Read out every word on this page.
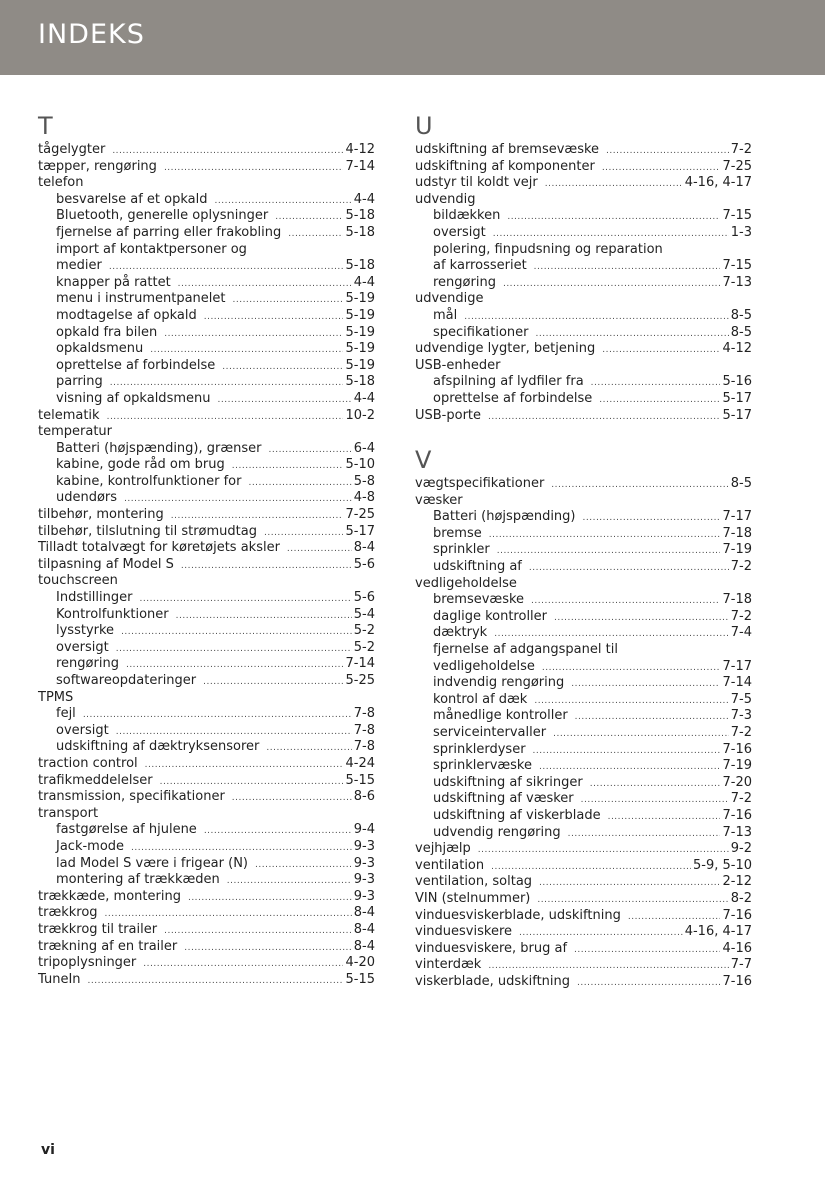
INDEKS
T
tågelygter .....	4-12
tæpper, rengøring .....	7-14
telefon
besvarelse af et opkald .....	4-4
Bluetooth, generelle oplysninger .....	5-18
fjernelse af parring eller frakobling .....	5-18
import af kontaktpersoner og
medier .....	5-18
knapper på rattet .....	4-4
menu i instrumentpanelet .....	5-19
modtagelse af opkald .....	5-19
opkald fra bilen .....	5-19
opkaldsmenu .....	5-19
oprettelse af forbindelse .....	5-19
parring .....	5-18
visning af opkaldsmenu .....	4-4
telematik .....	10-2
temperatur
Batteri (højspænding), grænser .....	6-4
kabine, gode råd om brug .....	5-10
kabine, kontrolfunktioner for .....	5-8
udendørs .....	4-8
tilbehør, montering .....	7-25
tilbehør, tilslutning til strømudtag .....	5-17
Tilladt totalvægt for køretøjets aksler .....	8-4
tilpasning af Model S .....	5-6
touchscreen
Indstillinger .....	5-6
Kontrolfunktioner .....	5-4
lysstyrke .....	5-2
oversigt .....	5-2
rengøring .....	7-14
softwareopdateringer .....	5-25
TPMS
fejl .....	7-8
oversigt .....	7-8
udskiftning af dæktryksensorer .....	7-8
traction control .....	4-24
trafikmeddelelser .....	5-15
transmission, specifikationer .....	8-6
transport
fastgørelse af hjulene .....	9-4
Jack-mode .....	9-3
lad Model S være i frigear (N) .....	9-3
montering af trækkæden .....	9-3
trækkæde, montering .....	9-3
trækkrog .....	8-4
trækkrog til trailer .....	8-4
trækning af en trailer .....	8-4
tripoplysninger .....	4-20
TuneIn .....	5-15
U
udskiftning af bremsevæske .....	7-2
udskiftning af komponenter .....	7-25
udstyr til koldt vejr .....	4-16, 4-17
udvendig
bildækken .....	7-15
oversigt .....	1-3
polering, finpudsning og reparation
af karrosseriet .....	7-15
rengøring .....	7-13
udvendige
mål .....	8-5
specifikationer .....	8-5
udvendige lygter, betjening .....	4-12
USB-enheder
afspilning af lydfiler fra .....	5-16
oprettelse af forbindelse .....	5-17
USB-porte .....	5-17
V
vægtspecifikationer .....	8-5
væsker
Batteri (højspænding) .....	7-17
bremse .....	7-18
sprinkler .....	7-19
udskiftning af .....	7-2
vedligeholdelse
bremsevæske .....	7-18
daglige kontroller .....	7-2
dæktryk .....	7-4
fjernelse af adgangspanel til
vedligeholdelse .....	7-17
indvendig rengøring .....	7-14
kontrol af dæk .....	7-5
månedlige kontroller .....	7-3
serviceintervaller .....	7-2
sprinklerdyser .....	7-16
sprinklervæske .....	7-19
udskiftning af sikringer .....	7-20
udskiftning af væsker .....	7-2
udskiftning af viskerblade .....	7-16
udvendig rengøring .....	7-13
vejhjælp .....	9-2
ventilation .....	5-9, 5-10
ventilation, soltag .....	2-12
VIN (stelnummer) .....	8-2
vinduesviskerblade, udskiftning .....	7-16
vinduesviskere .....	4-16, 4-17
vinduesviskere, brug af .....	4-16
vinterdæk .....	7-7
viskerblade, udskiftning .....	7-16
vi
